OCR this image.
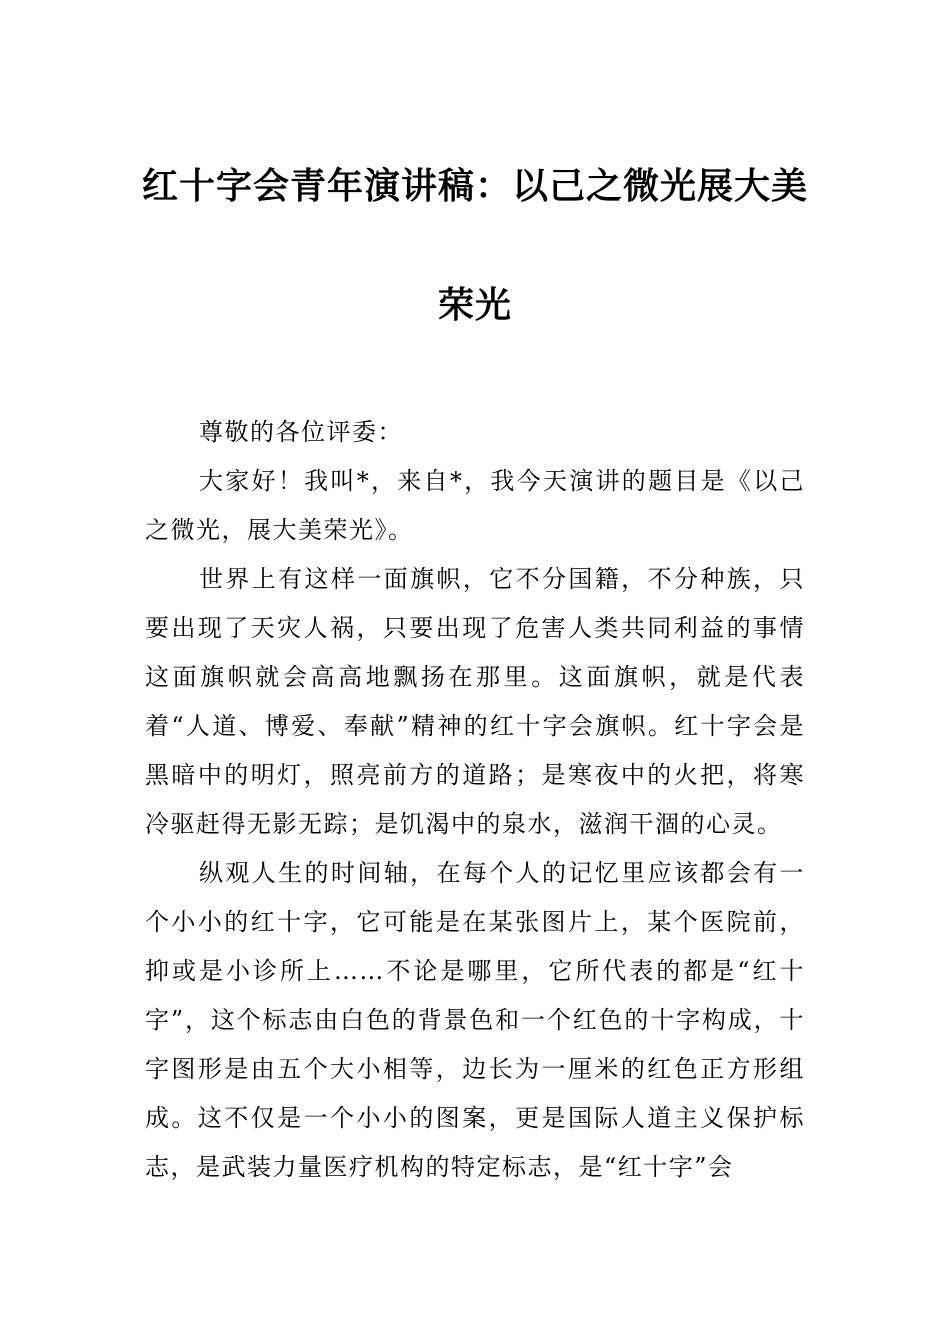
红十字会青年演讲稿：以己之微光展大美
荣光

尊敬的各位评委：

大家好！我叫*，来自*，我今天演讲的题目是《以己之微光，展大美荣光》。

世界上有这样一面旗帜，它不分国籍，不分种族，只要出现了天灾人祸，只要出现了危害人类共同利益的事情这面旗帜就会高高地飘扬在那里。这面旗帜，就是代表着“人道、博爱、奉献”精神的红十字会旗帜。红十字会是黑暗中的明灯，照亮前方的道路；是寒夜中的火把，将寒冷驱赶得无影无踪；是饥渴中的泉水，滋润干涸的心灵。

纵观人生的时间轴，在每个人的记忆里应该都会有一个小小的红十字，它可能是在某张图片上，某个医院前，抑或是小诊所上……不论是哪里，它所代表的都是“红十字”，这个标志由白色的背景色和一个红色的十字构成，十字图形是由五个大小相等，边长为一厘米的红色正方形组成。这不仅是一个小小的图案，更是国际人道主义保护标志，是武装力量医疗机构的特定标志，是“红十字”会
